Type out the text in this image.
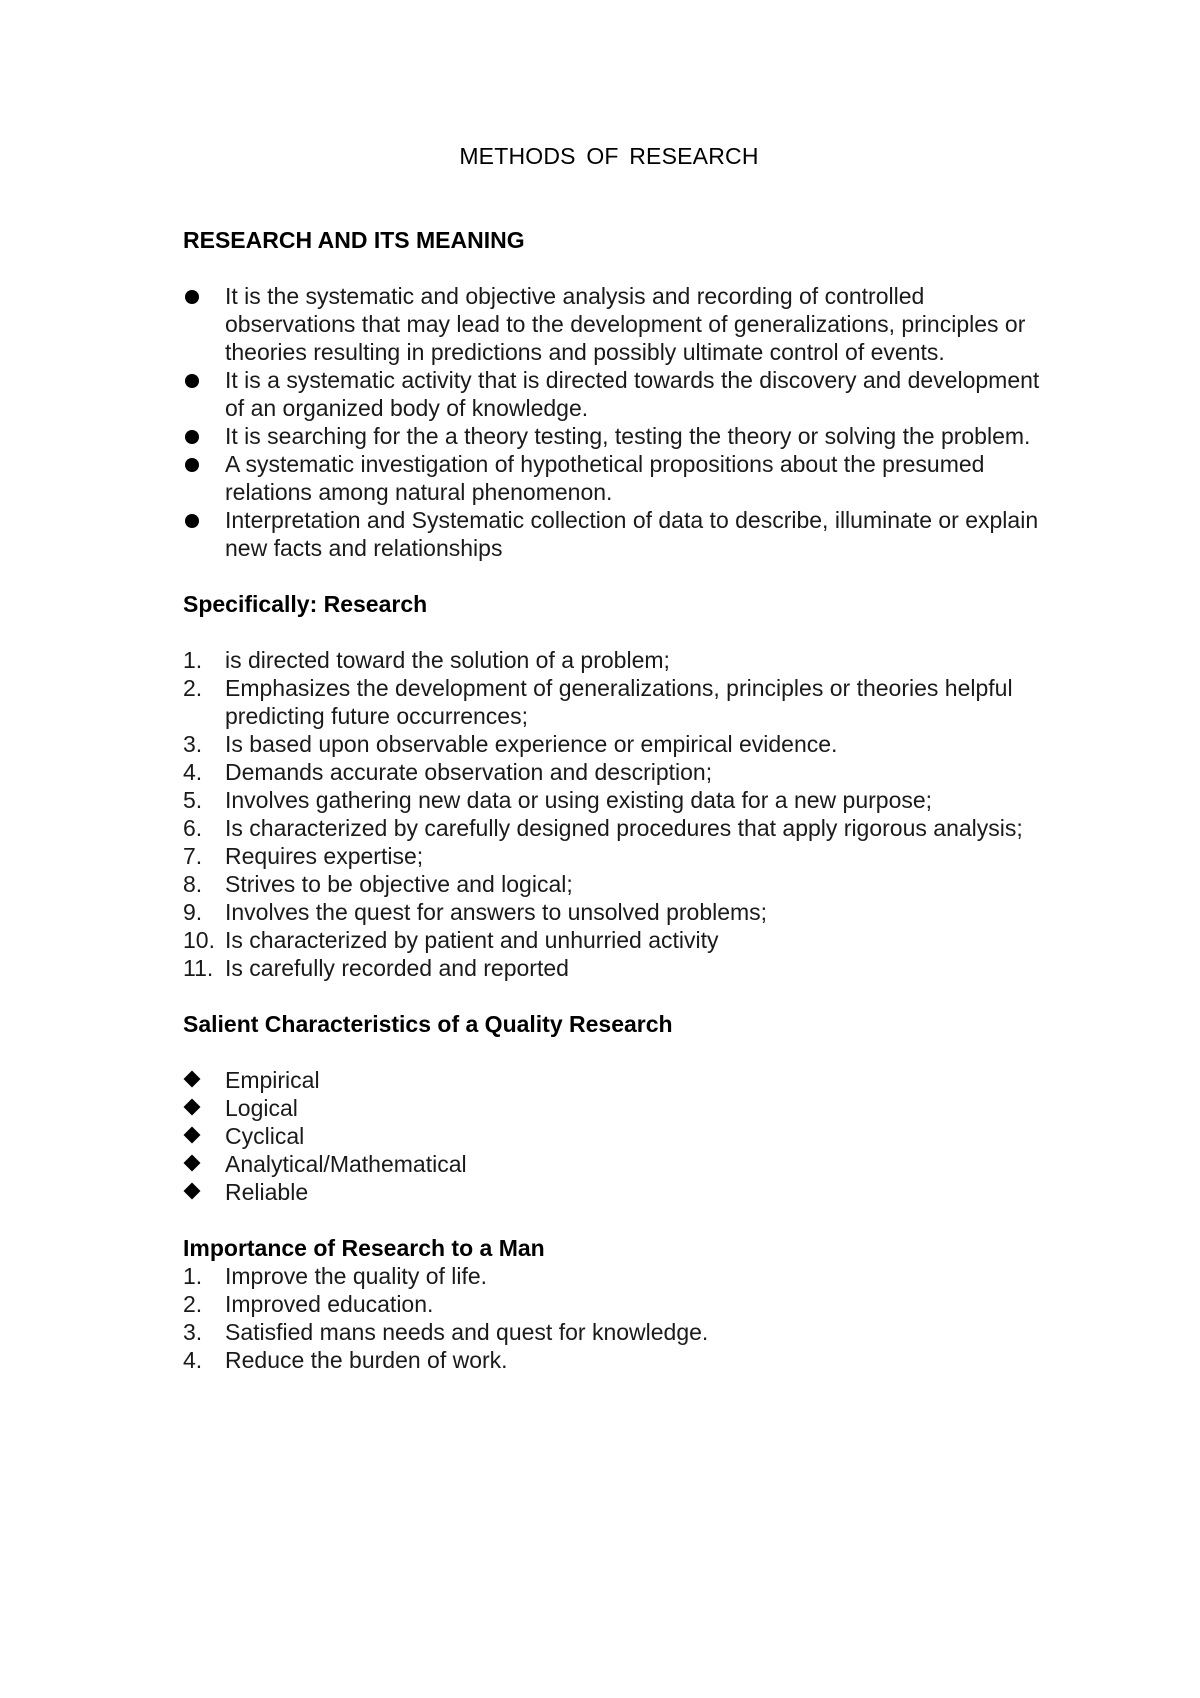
METHODS OF RESEARCH
RESEARCH AND ITS MEANING
It is the systematic and objective analysis and recording of controlled observations that may lead to the development of generalizations, principles or theories resulting in predictions and possibly ultimate control of events.
It is a systematic activity that is directed towards the discovery and development of an organized body of knowledge.
It is searching for the a theory testing, testing the theory or solving the problem.
A systematic investigation of hypothetical propositions about the presumed relations among natural phenomenon.
Interpretation and Systematic collection of data to describe, illuminate or explain new facts and relationships
Specifically: Research
1. is directed toward the solution of a problem;
2. Emphasizes the development of generalizations, principles or theories helpful predicting future occurrences;
3. Is based upon observable experience or empirical evidence.
4. Demands accurate observation and description;
5. Involves gathering new data or using existing data for a new purpose;
6. Is characterized by carefully designed procedures that apply rigorous analysis;
7. Requires expertise;
8. Strives to be objective and logical;
9. Involves the quest for answers to unsolved problems;
10. Is characterized by patient and unhurried activity
11. Is carefully recorded and reported
Salient Characteristics of a Quality Research
Empirical
Logical
Cyclical
Analytical/Mathematical
Reliable
Importance of Research to a Man
1. Improve the quality of life.
2. Improved education.
3. Satisfied mans needs and quest for knowledge.
4. Reduce the burden of work.
